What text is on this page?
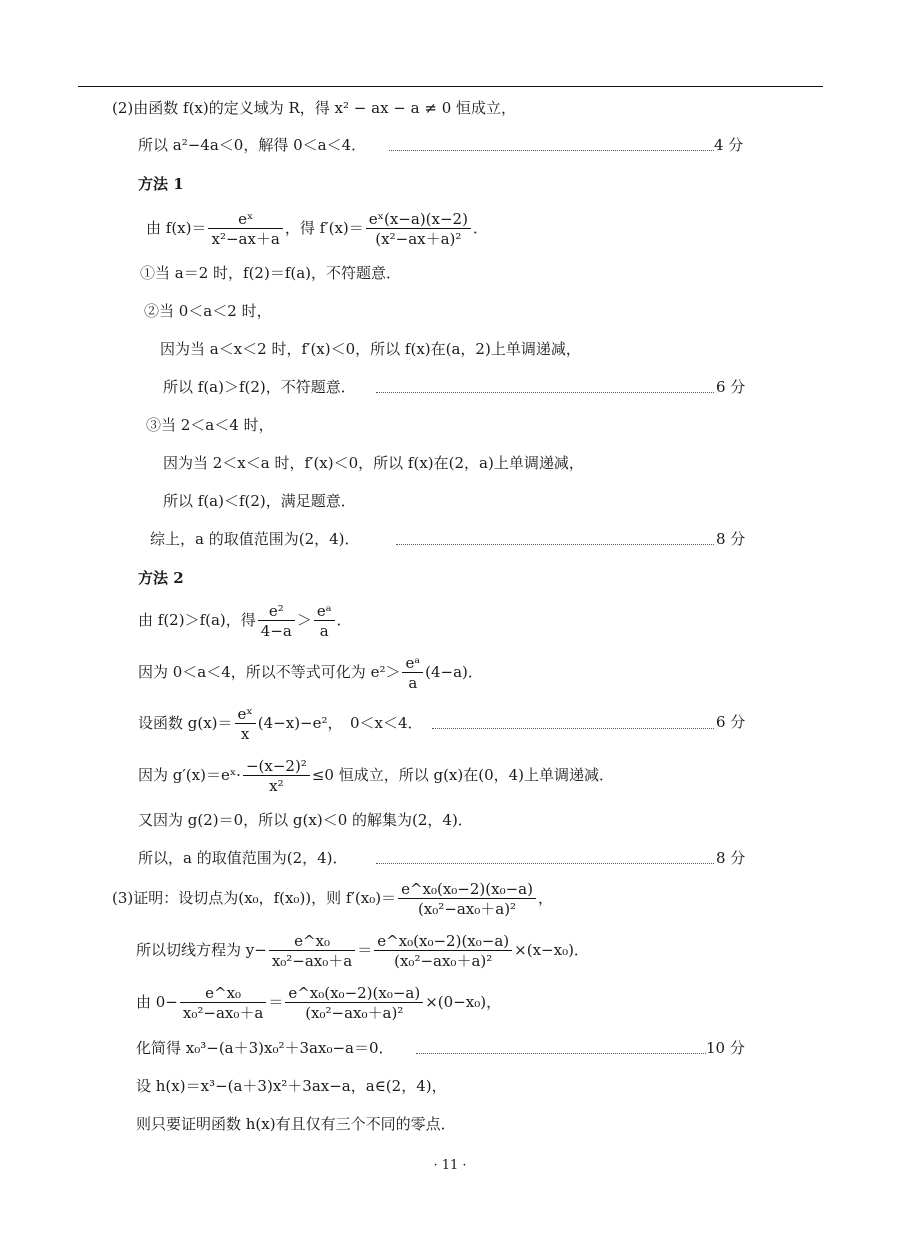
(2)由函数 f(x)的定义域为 R，得 x² − ax − a ≠ 0 恒成立，
所以 a²−4a＜0，解得 0＜a＜4．	4 分
方法 1
由 $f(x)= \frac{\text{eˣ}}{\text{x²−ax＋a}}$ ，得 $f'(x)= \frac{\text{eˣ(x−a)(x−2)}}{\text{(x²−ax＋a)²}}$ ．
①当 a＝2 时，f(2)＝f(a)，不符题意．
②当 0＜a＜2 时，
因为当 a＜x＜2 时，f′(x)＜0，所以 f(x)在(a，2)上单调递减，
所以 f(a)＞f(2)，不符题意．	6 分
③当 2＜a＜4 时，
因为当 2＜x＜a 时，f′(x)＜0，所以 f(x)在(2，a)上单调递减，
所以 f(a)＜f(2)，满足题意．
综上，a 的取值范围为(2，4)．	8 分
方法 2
由 f(2)＞f(a)，得 $\frac{\text{e²}}{4-a} > \frac{\text{eᵃ}}{a}$ ．
因为 0＜a＜4，所以不等式可化为 $e^2> \frac{\text{eᵃ}}{a} (4-a)$．
设函数 $g(x)= \frac{\text{eˣ}}{x} (4-x)-e^2$，　0＜x＜4．	6 分
因为 g′(x)＝eˣ· $\frac{\text{−(x−2)²}}{\text{x²}} \le 0$ 恒成立，所以 g(x)在(0，4)上单调递减．
又因为 g(2)＝0，所以 g(x)＜0 的解集为(2，4)．
所以，a 的取值范围为(2，4)．	8 分
(3)证明：设切点为(x₀，f(x₀))，则 $f'(x_0)= \frac{\text{e\textasciicircum{}x₀(x₀−2)(x₀−a)}}{\text{(x₀²−ax₀＋a)²}}$ ，
所以切线方程为 $y- \frac{\text{e\textasciicircum{}x₀}}{\text{x₀²−ax₀＋a}} = \frac{\text{e\textasciicircum{}x₀(x₀−2)(x₀−a)}}{\text{(x₀²−ax₀＋a)²}} \times(x-x_0)$．
由 $0- \frac{\text{e\textasciicircum{}x₀}}{\text{x₀²−ax₀＋a}} = \frac{\text{e\textasciicircum{}x₀(x₀−2)(x₀−a)}}{\text{(x₀²−ax₀＋a)²}} \times(0-x_0)$，
化简得 x₀³−(a＋3)x₀²＋3ax₀−a＝0．	10 分
设 h(x)＝x³−(a＋3)x²＋3ax−a，a∈(2，4)，
则只要证明函数 h(x)有且仅有三个不同的零点．
· 11 ·
